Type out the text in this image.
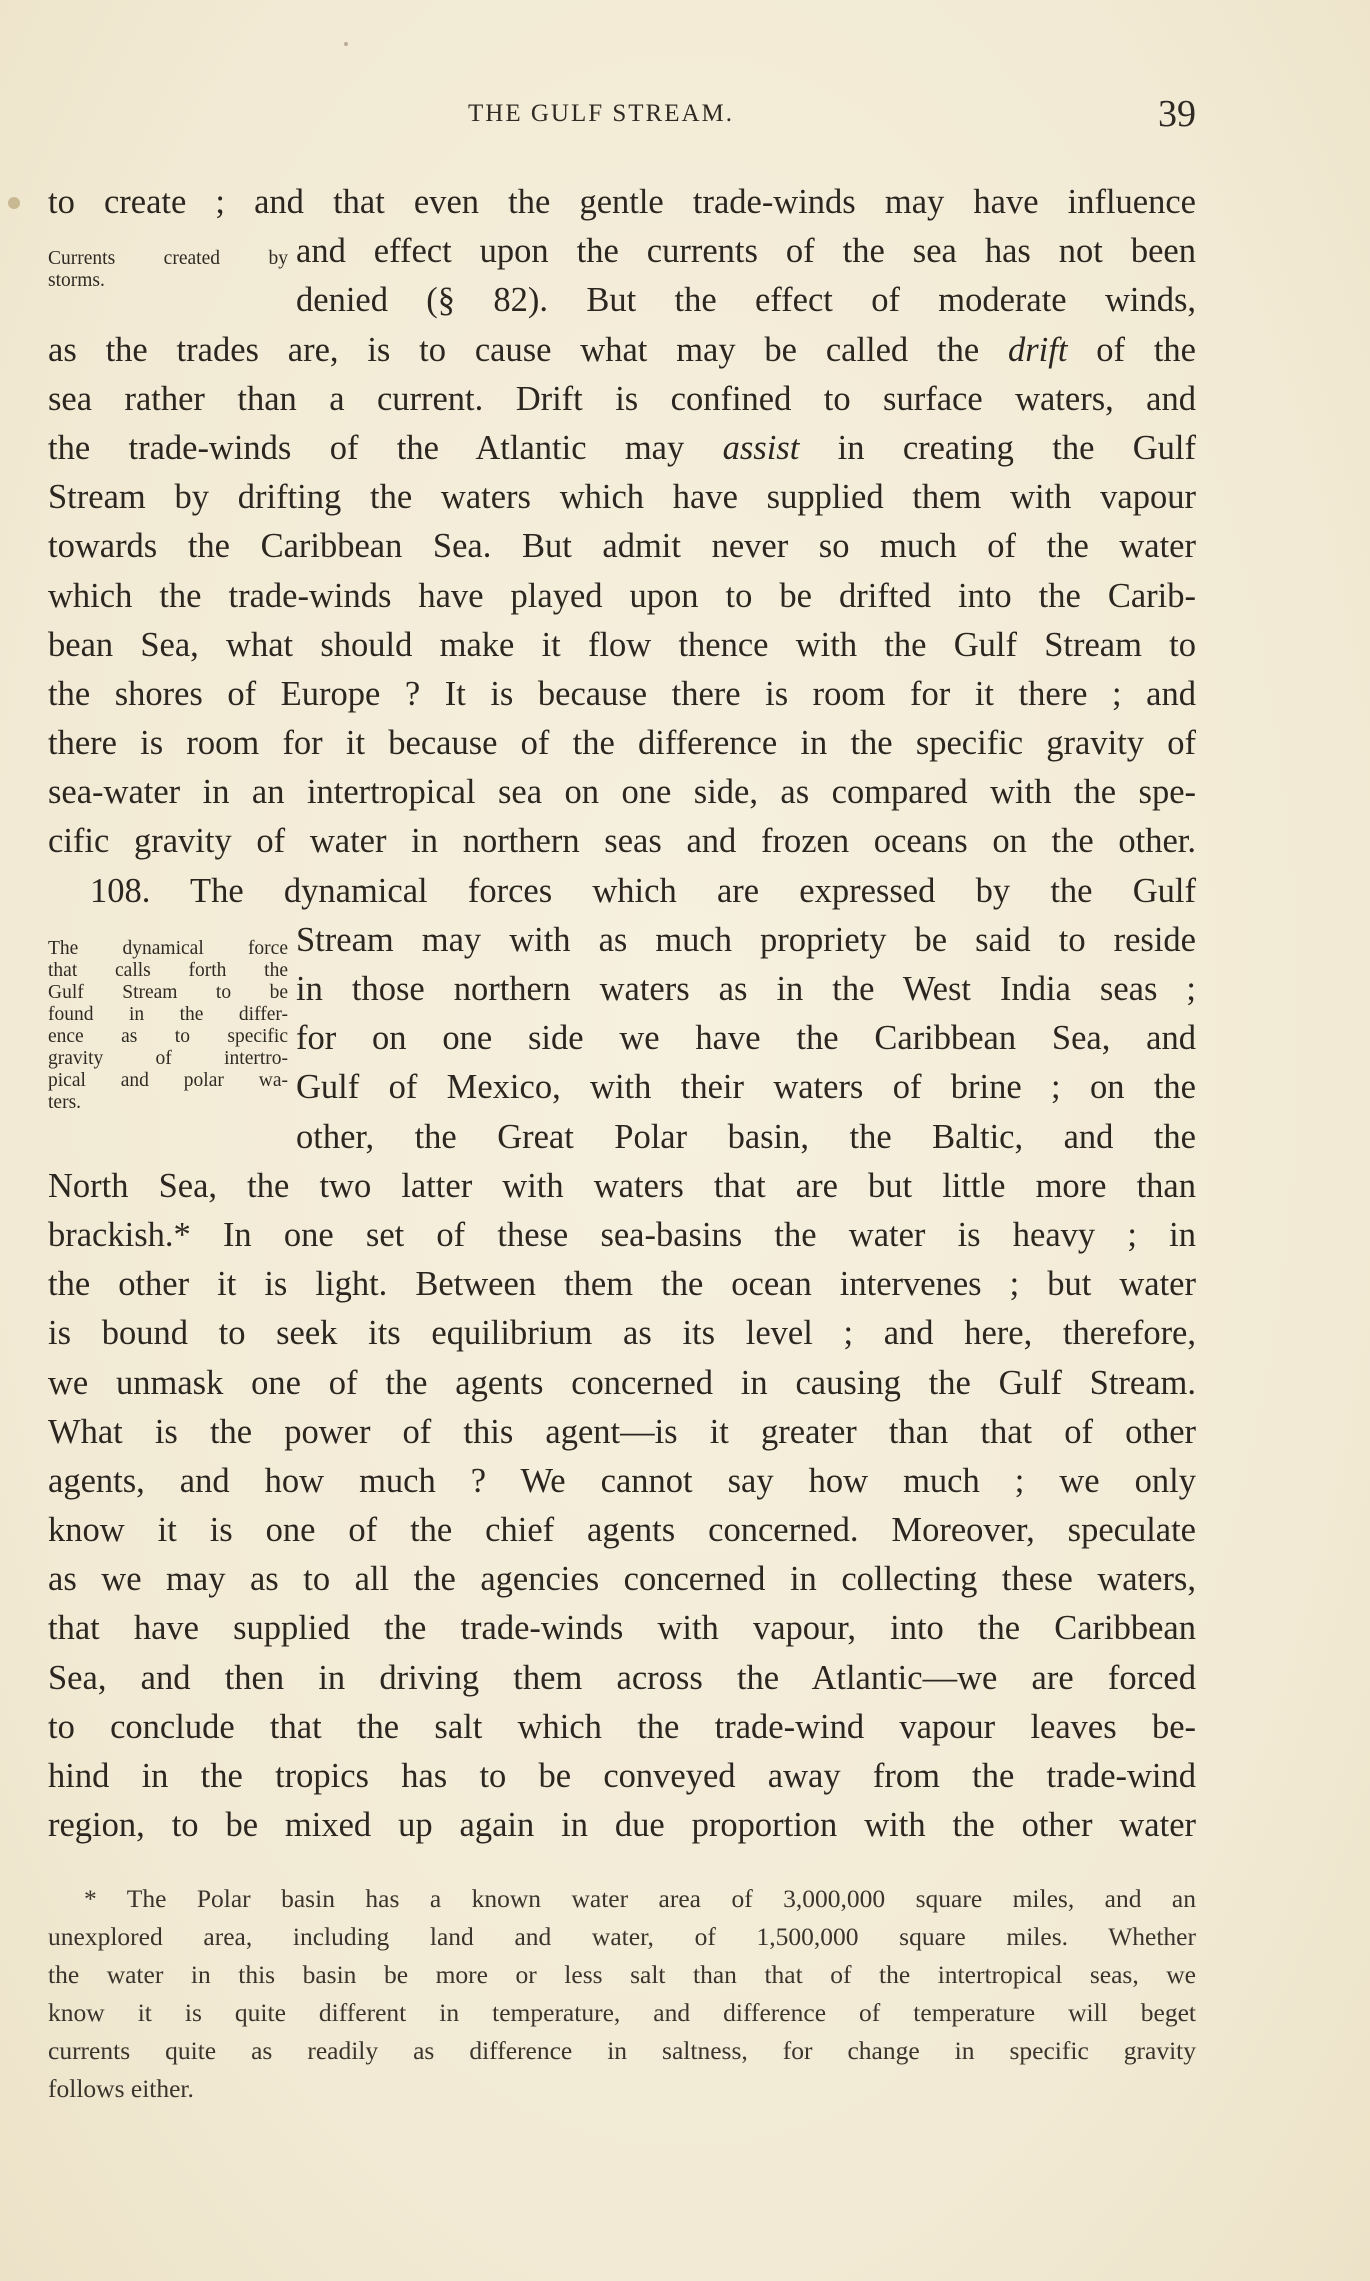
THE GULF STREAM.	39
Currents created by
storms.
The dynamical force
that calls forth the
Gulf Stream to be
found in the differ-
ence as to specific
gravity of intertro-
pical and polar wa-
ters.
to create ; and that even the gentle trade-winds may have influence
and effect upon the currents of the sea has not been
denied (§ 82). But the effect of moderate winds,
as the trades are, is to cause what may be called the drift of the
sea rather than a current. Drift is confined to surface waters, and
the trade-winds of the Atlantic may assist in creating the Gulf
Stream by drifting the waters which have supplied them with vapour
towards the Caribbean Sea. But admit never so much of the water
which the trade-winds have played upon to be drifted into the Carib-
bean Sea, what should make it flow thence with the Gulf Stream to
the shores of Europe ? It is because there is room for it there ; and
there is room for it because of the difference in the specific gravity of
sea-water in an intertropical sea on one side, as compared with the spe-
cific gravity of water in northern seas and frozen oceans on the other.
108. The dynamical forces which are expressed by the Gulf
Stream may with as much propriety be said to reside
in those northern waters as in the West India seas ;
for on one side we have the Caribbean Sea, and
Gulf of Mexico, with their waters of brine ; on the
other, the Great Polar basin, the Baltic, and the
North Sea, the two latter with waters that are but little more than
brackish.* In one set of these sea-basins the water is heavy ; in
the other it is light. Between them the ocean intervenes ; but water
is bound to seek its equilibrium as its level ; and here, therefore,
we unmask one of the agents concerned in causing the Gulf Stream.
What is the power of this agent—is it greater than that of other
agents, and how much ? We cannot say how much ; we only
know it is one of the chief agents concerned. Moreover, speculate
as we may as to all the agencies concerned in collecting these waters,
that have supplied the trade-winds with vapour, into the Caribbean
Sea, and then in driving them across the Atlantic—we are forced
to conclude that the salt which the trade-wind vapour leaves be-
hind in the tropics has to be conveyed away from the trade-wind
region, to be mixed up again in due proportion with the other water
* The Polar basin has a known water area of 3,000,000 square miles, and an
unexplored area, including land and water, of 1,500,000 square miles. Whether
the water in this basin be more or less salt than that of the intertropical seas, we
know it is quite different in temperature, and difference of temperature will beget
currents quite as readily as difference in saltness, for change in specific gravity
follows either.
